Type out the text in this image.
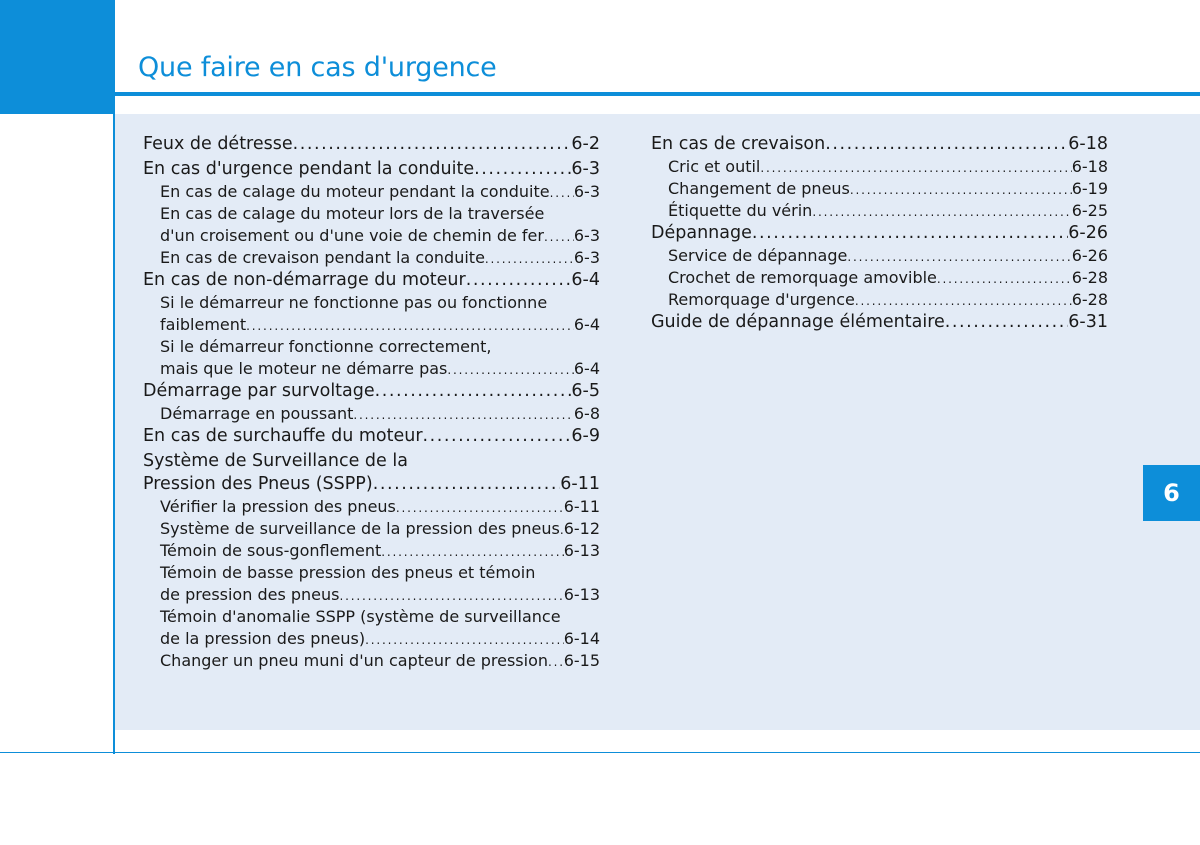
Que faire en cas d'urgence
6
Feux de détresse . . .	6-2
En cas d'urgence pendant la conduite . . .	6-3
En cas de calage du moteur pendant la conduite . . . 6-3
En cas de calage du moteur lors de la traversée
d'un croisement ou d'une voie de chemin de fer . . . 6-3
En cas de crevaison pendant la conduite . . .	6-3
En cas de non-démarrage du moteur . . .	6-4
Si le démarreur ne fonctionne pas ou fonctionne
faiblement . . .	6-4
Si le démarreur fonctionne correctement,
mais que le moteur ne démarre pas . . .	6-4
Démarrage par survoltage . . .	6-5
Démarrage en poussant . . .	6-8
En cas de surchauffe du moteur . . .	6-9
Système de Surveillance de la
Pression des Pneus (SSPP) . . .	6-11
Vérifier la pression des pneus . . .	6-11
Système de surveillance de la pression des pneus . . . 6-12
Témoin de sous-gonflement . . .	6-13
Témoin de basse pression des pneus et témoin
de pression des pneus . . .	6-13
Témoin d'anomalie SSPP (système de surveillance
de la pression des pneus) . . .	6-14
Changer un pneu muni d'un capteur de pression . . . 6-15
En cas de crevaison . . .	6-18
Cric et outil . . .	6-18
Changement de pneus . . .	6-19
Étiquette du vérin . . .	6-25
Dépannage . . .	6-26
Service de dépannage . . .	6-26
Crochet de remorquage amovible . . .	6-28
Remorquage d'urgence . . .	6-28
Guide de dépannage élémentaire . . .	6-31
